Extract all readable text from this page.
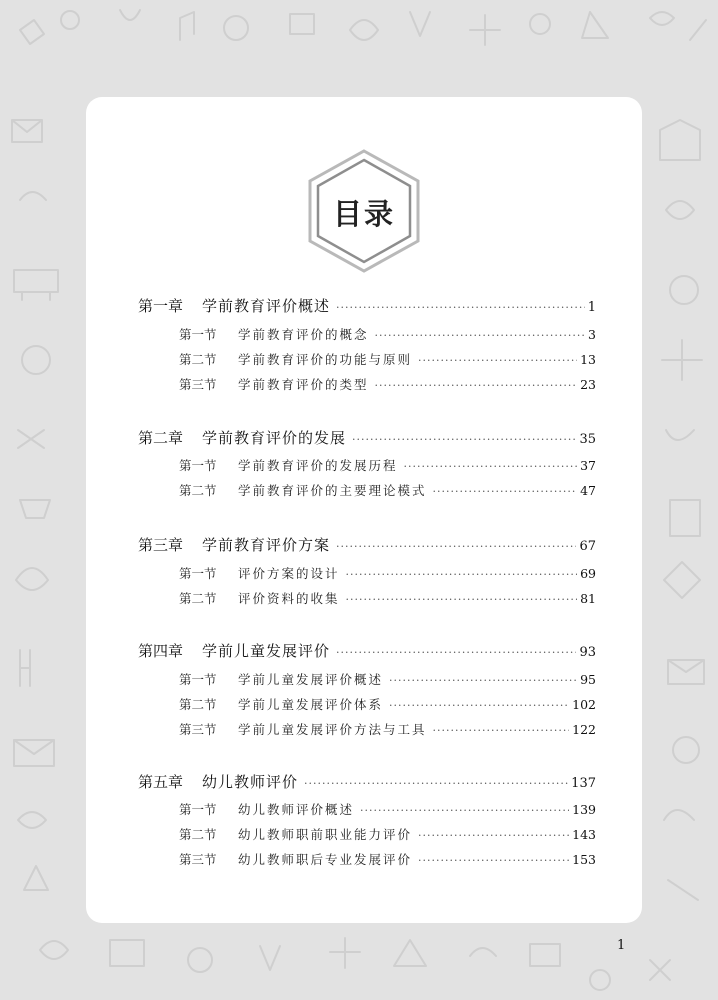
目录
第一章	学前教育评价概述 ·····	1
第一节	学前教育评价的概念 ·····	3
第二节	学前教育评价的功能与原则 ·····	13
第三节	学前教育评价的类型 ·····	23
第二章	学前教育评价的发展 ·····	35
第一节	学前教育评价的发展历程 ·····	37
第二节	学前教育评价的主要理论模式 ·····	47
第三章	学前教育评价方案 ·····	67
第一节	评价方案的设计 ·····	69
第二节	评价资料的收集 ·····	81
第四章	学前儿童发展评价 ·····	93
第一节	学前儿童发展评价概述 ·····	95
第二节	学前儿童发展评价体系 ·····	102
第三节	学前儿童发展评价方法与工具 ·····	122
第五章	幼儿教师评价 ·····	137
第一节	幼儿教师评价概述 ·····	139
第二节	幼儿教师职前职业能力评价 ·····	143
第三节	幼儿教师职后专业发展评价 ·····	153
1
